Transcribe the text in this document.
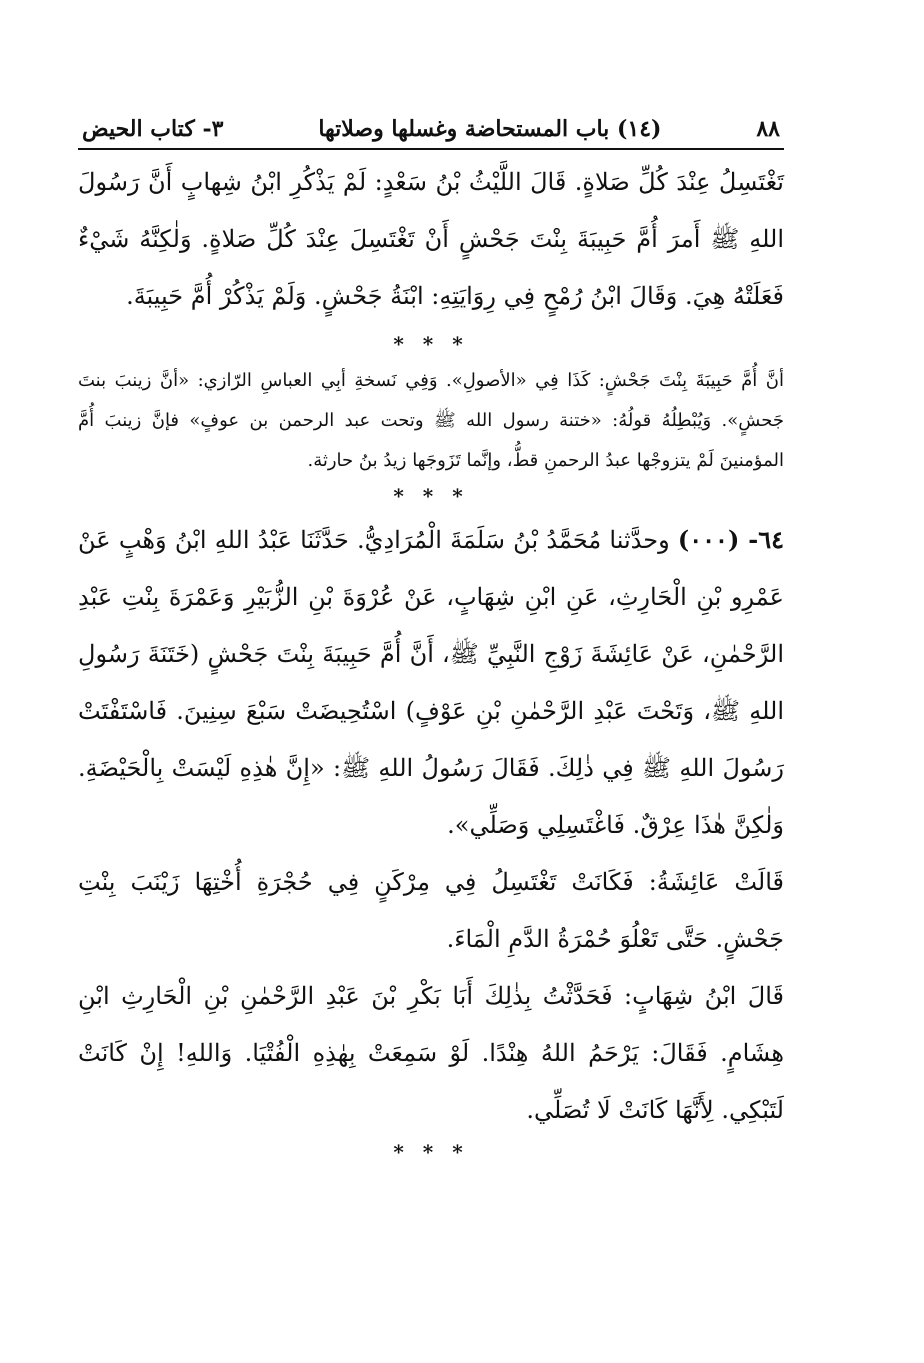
٨٨
(١٤) باب المستحاضة وغسلها وصلاتها
٣- كتاب الحيض

تَغْتَسِلُ عِنْدَ كُلِّ صَلاةٍ. قَالَ اللَّيْثُ بْنُ سَعْدٍ: لَمْ يَذْكُرِ ابْنُ شِهابٍ أَنَّ رَسُولَ اللهِ ﷺ أَمرَ أُمَّ حَبِيبَةَ بِنْتَ جَحْشٍ أَنْ تَغْتَسِلَ عِنْدَ كُلِّ صَلاةٍ. وَلٰكِنَّهُ شَيْءٌ فَعَلَتْهُ هِيَ. وَقَالَ ابْنُ رُمْحٍ فِي رِوَايَتِهِ: ابْنَةُ جَحْشٍ. وَلَمْ يَذْكُرْ أُمَّ حَبِيبَةَ.

* * *

أنَّ أُمَّ حَبِيبَةَ بِنْتَ جَحْشٍ: كَذَا فِي «الأصولِ». وَفِي نَسخةِ أبِي العباسِ الرّازي: «أنَّ زينبَ بنتَ جَحشٍ». وَيُبْطِلُهُ قولُهُ: «ختنة رسول الله ﷺ وتحت عبد الرحمن بن عوفٍ» فإنَّ زينبَ أُمَّ المؤمنينَ لَمْ يتزوجْها عبدُ الرحمنِ قطُّ، وإنَّما تَزَوجَها زيدُ بنُ حارثة.

* * *

٦٤- (٠٠٠) وحدَّثنا مُحَمَّدُ بْنُ سَلَمَةَ الْمُرَادِيُّ. حَدَّثَنَا عَبْدُ اللهِ ابْنُ وَهْبٍ عَنْ عَمْرِو بْنِ الْحَارِثِ، عَنِ ابْنِ شِهَابٍ، عَنْ عُرْوَةَ بْنِ الزُّبَيْرِ وَعَمْرَةَ بِنْتِ عَبْدِ الرَّحْمٰنِ، عَنْ عَائِشَةَ زَوْجِ النَّبِيِّ ﷺ، أَنَّ أُمَّ حَبِيبَةَ بِنْتَ جَحْشٍ (خَتَنَةَ رَسُولِ اللهِ ﷺ، وَتَحْتَ عَبْدِ الرَّحْمٰنِ بْنِ عَوْفٍ) اسْتُحِيضَتْ سَبْعَ سِنِينَ. فَاسْتَفْتَتْ رَسُولَ اللهِ ﷺ فِي ذٰلِكَ. فَقَالَ رَسُولُ اللهِ ﷺ: «إِنَّ هٰذِهِ لَيْسَتْ بِالْحَيْضَةِ. وَلٰكِنَّ هٰذَا عِرْقٌ. فَاغْتَسِلِي وَصَلِّي».

قَالَتْ عَائِشَةُ: فَكَانَتْ تَغْتَسِلُ فِي مِرْكَنٍ فِي حُجْرَةِ أُخْتِهَا زَيْنَبَ بِنْتِ جَحْشٍ. حَتَّى تَعْلُوَ حُمْرَةُ الدَّمِ الْمَاءَ.

قَالَ ابْنُ شِهَابٍ: فَحَدَّثْتُ بِذٰلِكَ أَبَا بَكْرِ بْنَ عَبْدِ الرَّحْمٰنِ بْنِ الْحَارِثِ ابْنِ هِشَامٍ. فَقَالَ: يَرْحَمُ اللهُ هِنْدًا. لَوْ سَمِعَتْ بِهٰذِهِ الْفُتْيَا. وَاللهِ! إِنْ كَانَتْ لَتَبْكِي. لِأَنَّهَا كَانَتْ لَا تُصَلِّي.

* * *
